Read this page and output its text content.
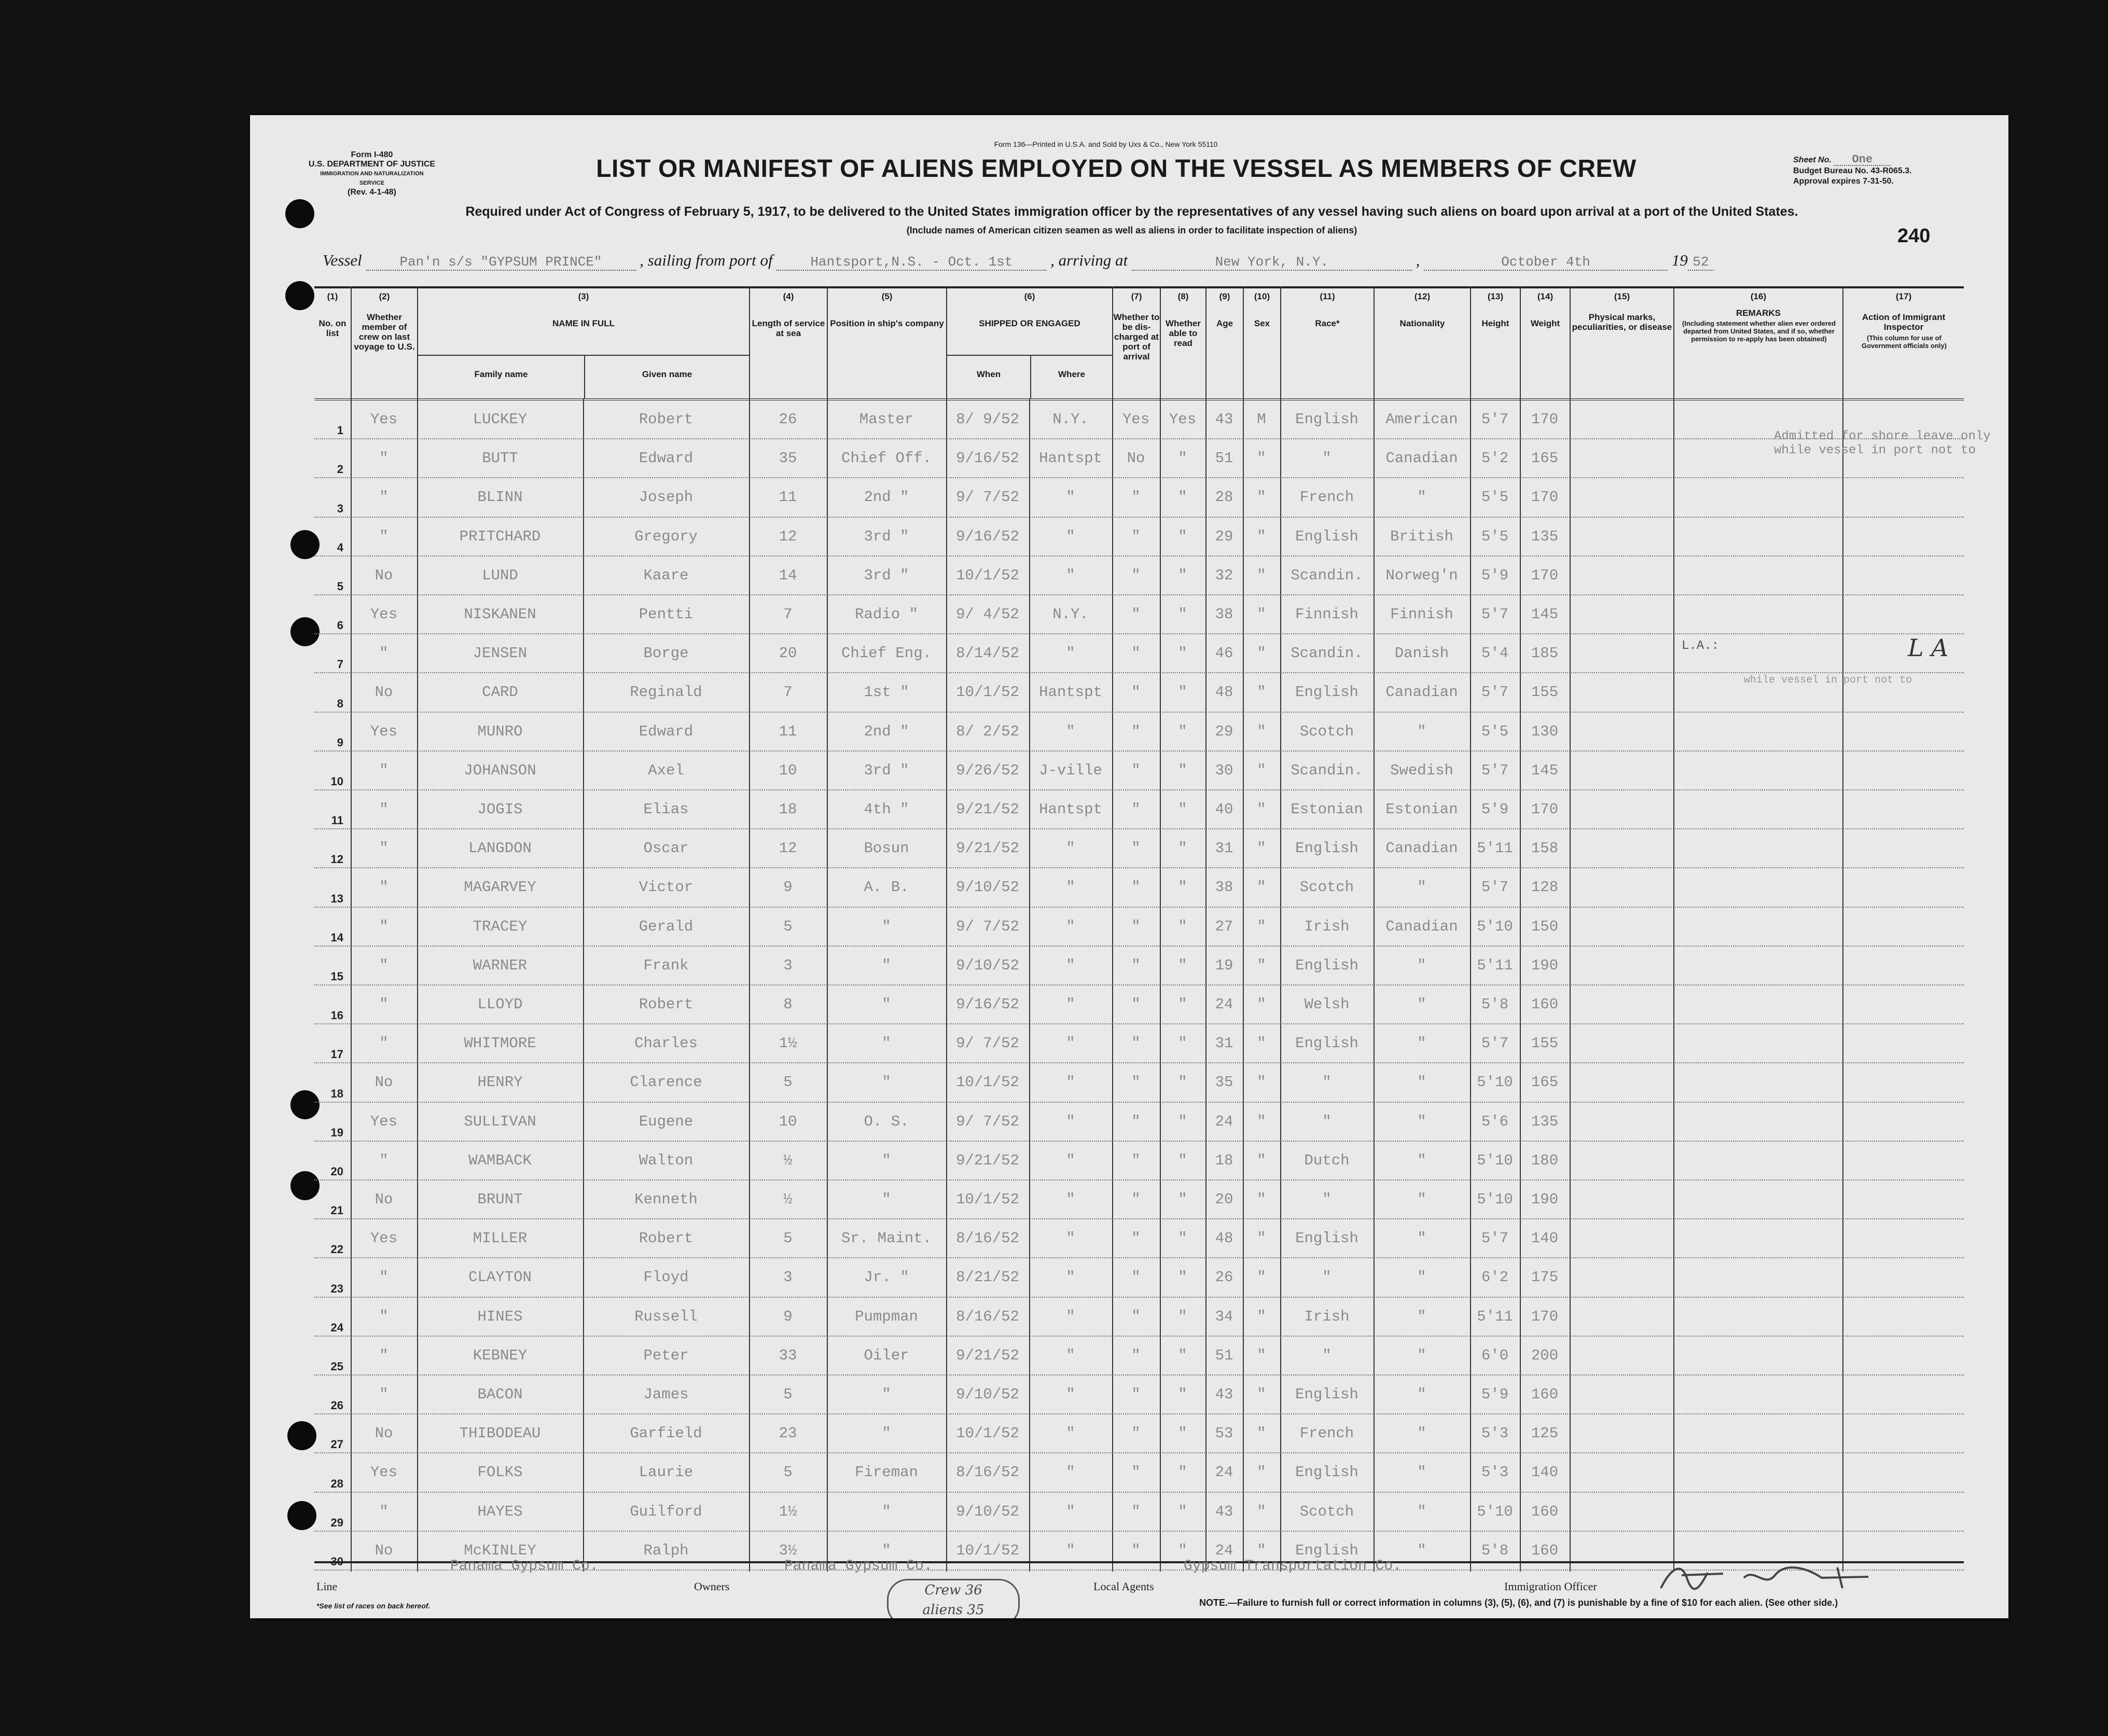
Form 136—Printed in U.S.A. and Sold by Uxs & Co., New York 55110
Form I-480
U.S. DEPARTMENT OF JUSTICE
IMMIGRATION AND NATURALIZATION SERVICE
(Rev. 4-1-48)
LIST OR MANIFEST OF ALIENS EMPLOYED ON THE VESSEL AS MEMBERS OF CREW
Required under Act of Congress of February 5, 1917, to be delivered to the United States immigration officer by the representatives of any vessel having such aliens on board upon arrival at a port of the United States.
(Include names of American citizen seamen as well as aliens in order to facilitate inspection of aliens)
Sheet No. One
Budget Bureau No. 43-R065.3.
Approval expires 7-31-50.
240
Vessel	Pan'n s/s "GYPSUM PRINCE" , sailing from port of	Hantsport,N.S. - Oct. 1st , arriving at	New York, N.Y.	,	October 4th	19 52
(1)
No. on list
(2)
Whether member of crew on last voyage to U.S.
(3)
NAME IN FULL
Family name	Given name
(4)
Length of service at sea
(5)
Position in ship's company
(6)
SHIPPED OR ENGAGED
When	Where
(7)
Whether to be dis-charged at port of arrival
(8)
Whether able to read
(9)
Age
(10)
Sex
(11)
Race*
(12)
Nationality
(13)
Height
(14)
Weight
(15)
Physical marks, peculiarities, or disease
(16)
REMARKS
(Including statement whether alien ever ordered departed from United States, and if so, whether permission to re-apply has been obtained)
(17)
Action of Immigrant Inspector
(This column for use of Government officials only)
1
Yes	LUCKEY	Robert	26	Master	8/ 9/52	N.Y.	Yes	Yes	43	M	English	American	5'7	170
2
"	BUTT	Edward	35	Chief Off.	9/16/52	Hantspt	No	"	51	"	"	Canadian	5'2	165
3
"	BLINN	Joseph	11	2nd "	9/ 7/52	"	"	"	28	"	French	"	5'5	170
4
"	PRITCHARD	Gregory	12	3rd "	9/16/52	"	"	"	29	"	English	British	5'5	135
5
No	LUND	Kaare	14	3rd "	10/1/52	"	"	"	32	"	Scandin.	Norweg'n	5'9	170
6
Yes	NISKANEN	Pentti	7	Radio "	9/ 4/52	N.Y.	"	"	38	"	Finnish	Finnish	5'7	145
7
"	JENSEN	Borge	20	Chief Eng.	8/14/52	"	"	"	46	"	Scandin.	Danish	5'4	185
8
No	CARD	Reginald	7	1st "	10/1/52	Hantspt	"	"	48	"	English	Canadian	5'7	155
9
Yes	MUNRO	Edward	11	2nd "	8/ 2/52	"	"	"	29	"	Scotch	"	5'5	130
10
"	JOHANSON	Axel	10	3rd "	9/26/52	J-ville	"	"	30	"	Scandin.	Swedish	5'7	145
11
"	JOGIS	Elias	18	4th "	9/21/52	Hantspt	"	"	40	"	Estonian	Estonian	5'9	170
12
"	LANGDON	Oscar	12	Bosun	9/21/52	"	"	"	31	"	English	Canadian	5'11	158
13
"	MAGARVEY	Victor	9	A. B.	9/10/52	"	"	"	38	"	Scotch	"	5'7	128
14
"	TRACEY	Gerald	5	"	9/ 7/52	"	"	"	27	"	Irish	Canadian	5'10	150
15
"	WARNER	Frank	3	"	9/10/52	"	"	"	19	"	English	"	5'11	190
16
"	LLOYD	Robert	8	"	9/16/52	"	"	"	24	"	Welsh	"	5'8	160
17
"	WHITMORE	Charles	1½	"	9/ 7/52	"	"	"	31	"	English	"	5'7	155
18
No	HENRY	Clarence	5	"	10/1/52	"	"	"	35	"	"	"	5'10	165
19
Yes	SULLIVAN	Eugene	10	O. S.	9/ 7/52	"	"	"	24	"	"	"	5'6	135
20
"	WAMBACK	Walton	½	"	9/21/52	"	"	"	18	"	Dutch	"	5'10	180
21
No	BRUNT	Kenneth	½	"	10/1/52	"	"	"	20	"	"	"	5'10	190
22
Yes	MILLER	Robert	5	Sr. Maint.	8/16/52	"	"	"	48	"	English	"	5'7	140
23
"	CLAYTON	Floyd	3	Jr. "	8/21/52	"	"	"	26	"	"	"	6'2	175
24
"	HINES	Russell	9	Pumpman	8/16/52	"	"	"	34	"	Irish	"	5'11	170
25
"	KEBNEY	Peter	33	Oiler	9/21/52	"	"	"	51	"	"	"	6'0	200
26
"	BACON	James	5	"	9/10/52	"	"	"	43	"	English	"	5'9	160
27
No	THIBODEAU	Garfield	23	"	10/1/52	"	"	"	53	"	French	"	5'3	125
28
Yes	FOLKS	Laurie	5	Fireman	8/16/52	"	"	"	24	"	English	"	5'3	140
29
"	HAYES	Guilford	1½	"	9/10/52	"	"	"	43	"	Scotch	"	5'10	160
30
No	McKINLEY	Ralph	3½	"	10/1/52	"	"	"	24	"	English	"	5'8	160
Admitted for shore leave only while vessel in port not to
L.A.:	L A
while vessel in port not to
Line
Panama Gypsum Co.
Owners
Panama Gypsum Co.
Local Agents
Gypsum Transportation Co.
Immigration Officer
*See list of races on back hereof.
Crew 36
aliens 35	NOTE.—Failure to furnish full or correct information in columns (3), (5), (6), and (7) is punishable by a fine of $10 for each alien. (See other side.)
